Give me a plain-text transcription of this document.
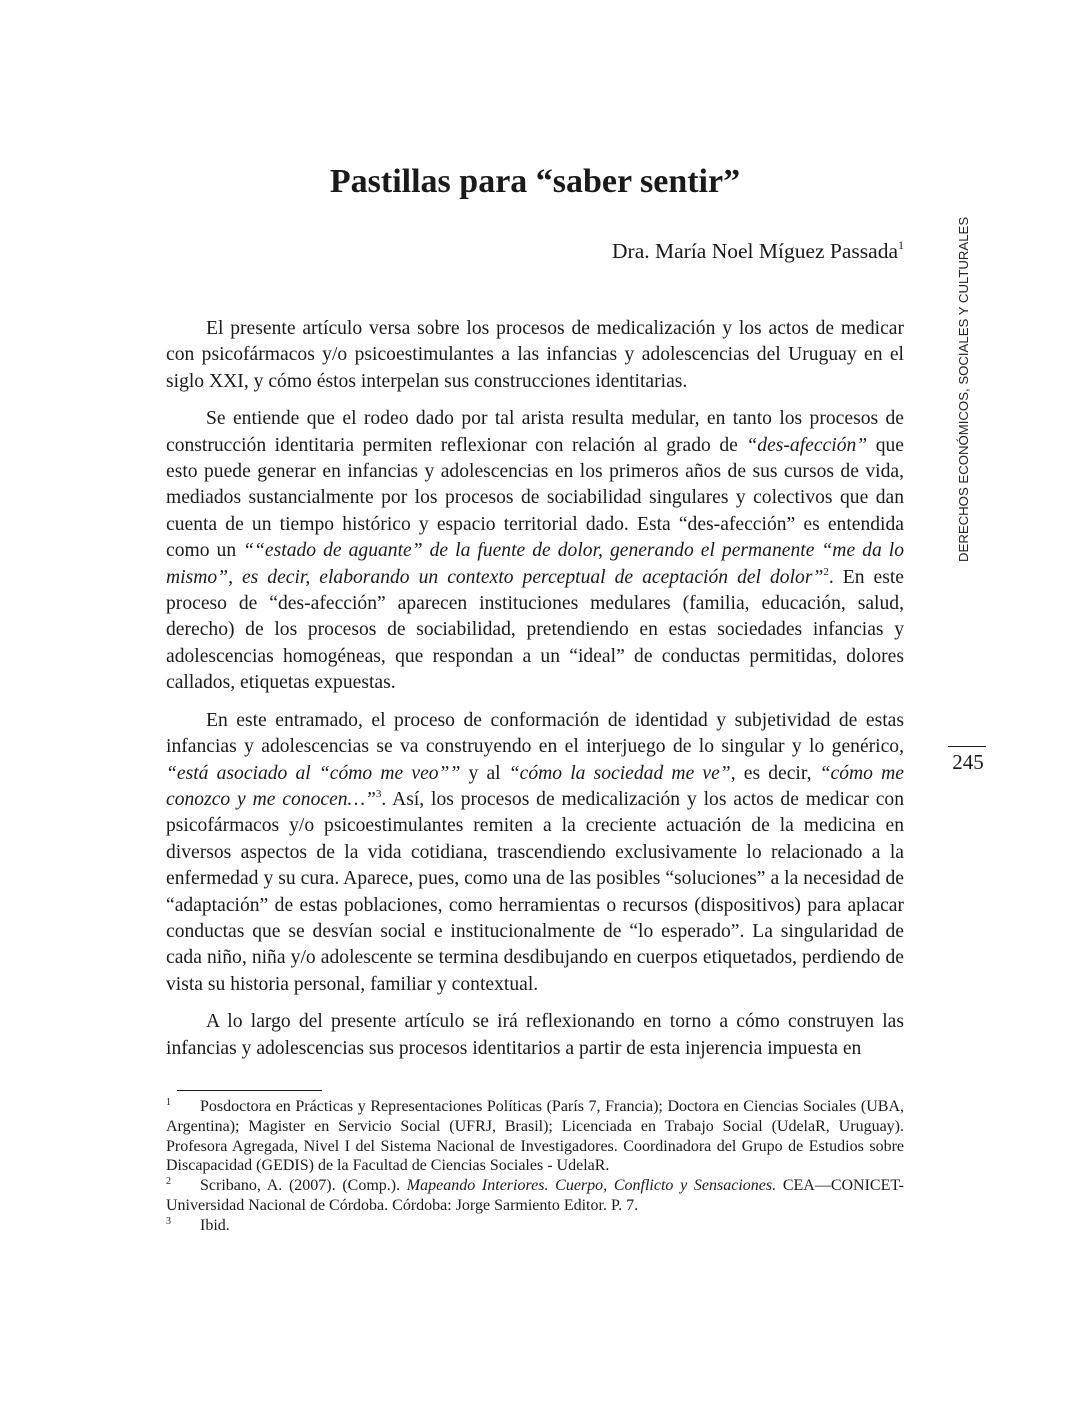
Pastillas para “saber sentir”
Dra. María Noel Míguez Passada$^1$

El presente artículo versa sobre los procesos de medicalización y los actos de medicar con psicofármacos y/o psicoestimulantes a las infancias y adolescencias del Uruguay en el siglo XXI, y cómo éstos interpelan sus construcciones identitarias.

Se entiende que el rodeo dado por tal arista resulta medular, en tanto los procesos de construcción identitaria permiten reflexionar con relación al grado de “des-afección” que esto puede generar en infancias y adolescencias en los primeros años de sus cursos de vida, mediados sustancialmente por los procesos de sociabilidad singulares y colectivos que dan cuenta de un tiempo histórico y espacio territorial dado. Esta “des-afección” es entendida como un ““estado de aguante” de la fuente de dolor, generando el permanente “me da lo mismo”, es decir, elaborando un contexto perceptual de aceptación del dolor”$^2$. En este proceso de “des-afección” aparecen instituciones medulares (familia, educación, salud, derecho) de los procesos de sociabilidad, pretendiendo en estas sociedades infancias y adolescencias homogéneas, que respondan a un “ideal” de conductas permitidas, dolores callados, etiquetas expuestas.

En este entramado, el proceso de conformación de identidad y subjetividad de estas infancias y adolescencias se va construyendo en el interjuego de lo singular y lo genérico, “está asociado al “cómo me veo”” y al “cómo la sociedad me ve”, es decir, “cómo me conozco y me conocen…”$^3$. Así, los procesos de medicalización y los actos de medicar con psicofármacos y/o psicoestimulantes remiten a la creciente actuación de la medicina en diversos aspectos de la vida cotidiana, trascendiendo exclusivamente lo relacionado a la enfermedad y su cura. Aparece, pues, como una de las posibles “soluciones” a la necesidad de “adaptación” de estas poblaciones, como herramientas o recursos (dispositivos) para aplacar conductas que se desvían social e institucionalmente de “lo esperado”. La singularidad de cada niño, niña y/o adolescente se termina desdibujando en cuerpos etiquetados, perdiendo de vista su historia personal, familiar y contextual.

A lo largo del presente artículo se irá reflexionando en torno a cómo construyen las infancias y adolescencias sus procesos identitarios a partir de esta injerencia impuesta en

1 Posdoctora en Prácticas y Representaciones Políticas (París 7, Francia); Doctora en Ciencias Sociales (UBA, Argentina); Magister en Servicio Social (UFRJ, Brasil); Licenciada en Trabajo Social (UdelaR, Uruguay). Profesora Agregada, Nivel I del Sistema Nacional de Investigadores. Coordinadora del Grupo de Estudios sobre Discapacidad (GEDIS) de la Facultad de Ciencias Sociales - UdelaR.

2 Scribano, A. (2007). (Comp.). Mapeando Interiores. Cuerpo, Conflicto y Sensaciones. CEA—CONICET-Universidad Nacional de Córdoba. Córdoba: Jorge Sarmiento Editor. P. 7.

3 Ibid.

DERECHOS ECONÓMICOS, SOCIALES Y CULTURALES
245
